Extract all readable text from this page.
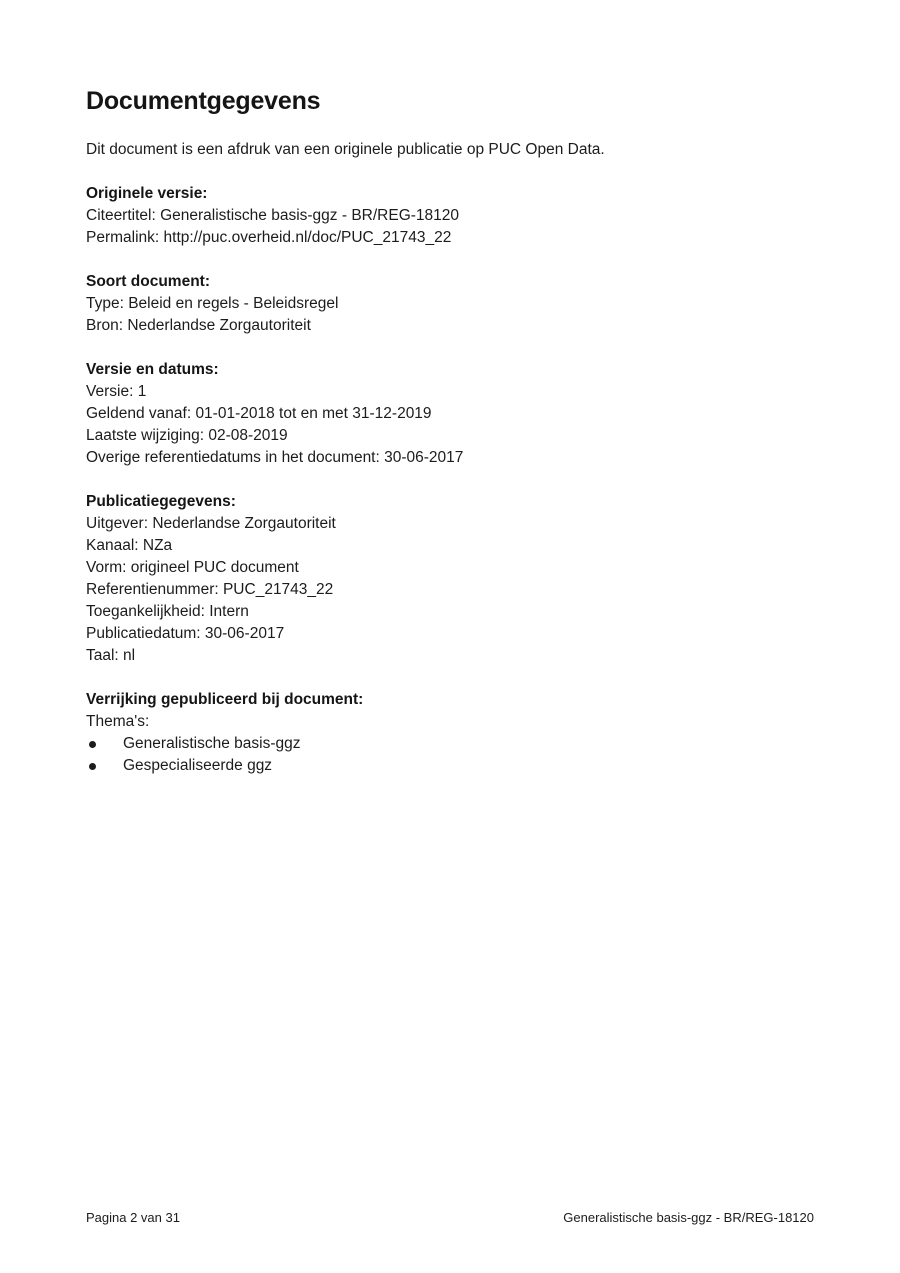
Documentgegevens

Dit document is een afdruk van een originele publicatie op PUC Open Data.

Originele versie:

Citeertitel: Generalistische basis-ggz - BR/REG-18120

Permalink: http://puc.overheid.nl/doc/PUC_21743_22

Soort document:

Type: Beleid en regels - Beleidsregel

Bron: Nederlandse Zorgautoriteit

Versie en datums:

Versie: 1

Geldend vanaf: 01-01-2018 tot en met 31-12-2019

Laatste wijziging: 02-08-2019

Overige referentiedatums in het document: 30-06-2017

Publicatiegegevens:

Uitgever: Nederlandse Zorgautoriteit

Kanaal: NZa

Vorm: origineel PUC document

Referentienummer: PUC_21743_22

Toegankelijkheid: Intern

Publicatiedatum: 30-06-2017

Taal: nl

Verrijking gepubliceerd bij document:

Thema's:

Generalistische basis-ggz
Gespecialiseerde ggz
Pagina 2 van 31	Generalistische basis-ggz - BR/REG-18120
